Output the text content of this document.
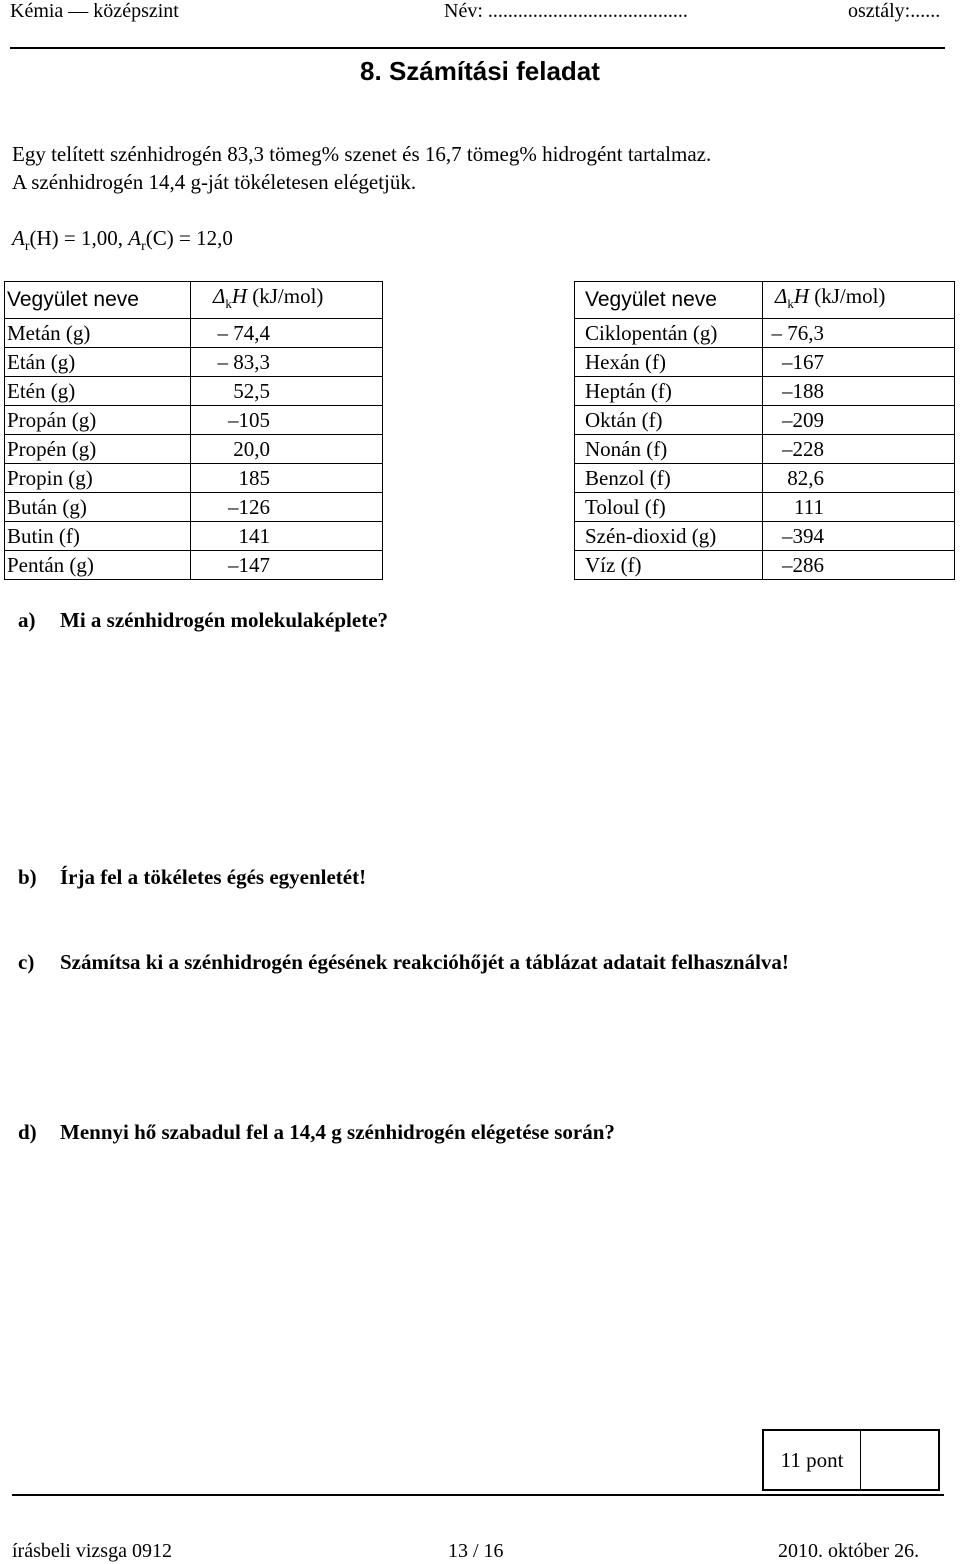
Kémia — középszint	Név: ........................................	osztály:......
8. Számítási feladat
Egy telített szénhidrogén 83,3 tömeg% szenet és 16,7 tömeg% hidrogént tartalmaz.
A szénhidrogén 14,4 g-ját tökéletesen elégetjük.
$A_r(H) = 1,00$, $A_r(C) = 12,0$
Vegyület neve	$\Delta_kH$ (kJ/mol)
Metán (g)	– 74,4

Etán (g)	– 83,3

Etén (g)	52,5

Propán (g)	–105

Propén (g)	20,0

Propin (g)	185

Bután (g)	–126

Butin (f)	141

Pentán (g)	–147
Vegyület neve	$\Delta_kH$ (kJ/mol)
Ciklopentán (g)	– 76,3

Hexán (f)	–167

Heptán (f)	–188

Oktán (f)	–209

Nonán (f)	–228

Benzol (f)	82,6

Toloul (f)	111

Szén-dioxid (g)	–394

Víz (f)	–286
a) Mi a szénhidrogén molekulaképlete?
b) Írja fel a tökéletes égés egyenletét!
c) Számítsa ki a szénhidrogén égésének reakcióhőjét a táblázat adatait felhasználva!
d) Mennyi hő szabadul fel a 14,4 g szénhidrogén elégetése során?
11 pont
írásbeli vizsga 0912	13 / 16	2010. október 26.
